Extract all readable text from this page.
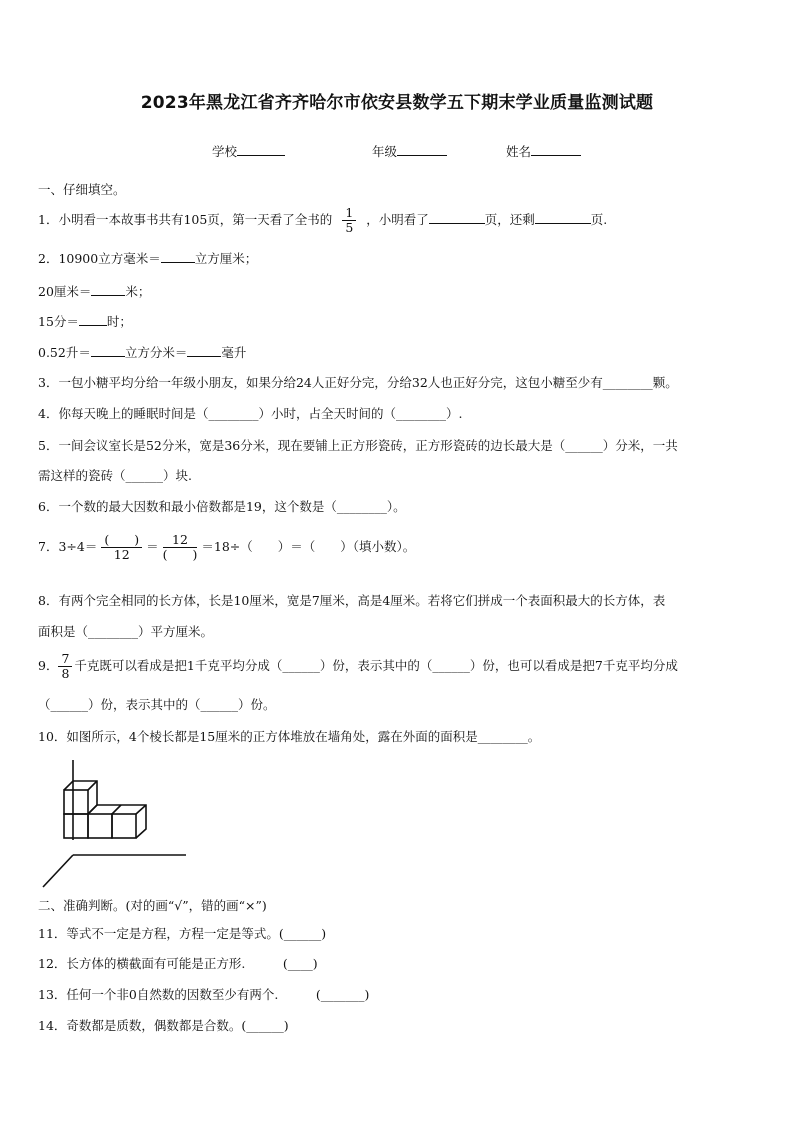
2023年黑龙江省齐齐哈尔市依安县数学五下期末学业质量监测试题
学校	年级	姓名
一、仔细填空。
1．小明看一本故事书共有105页，第一天看了全书的 $\frac{1}{5}$ ，小明看了	页，还剩	页.
2．10900立方毫米＝	立方厘米；
20厘米＝	米；
15分＝ 时；
0.52升＝	立方分米＝	毫升
3．一包小糖平均分给一年级小朋友，如果分给24人正好分完，分给32人也正好分完，这包小糖至少有________颗。
4．你每天晚上的睡眠时间是（________）小时，占全天时间的（________）.
5．一间会议室长是52分米，宽是36分米，现在要铺上正方形瓷砖，正方形瓷砖的边长最大是（______）分米，一共
需这样的瓷砖（______）块.
6．一个数的最大因数和最小倍数都是19，这个数是（________）。
7．$3\div 4= \frac{( )}{12} = \frac{12}{( )} =18\div$（　　）＝（　　）（填小数）。
8．有两个完全相同的长方体，长是10厘米，宽是7厘米，高是4厘米。若将它们拼成一个表面积最大的长方体，表
面积是（________）平方厘米。
9． $\frac{7}{8}$ 千克既可以看成是把1千克平均分成（______）份，表示其中的（______）份，也可以看成是把7千克平均分成
（______）份，表示其中的（______）份。
10．如图所示，4个棱长都是15厘米的正方体堆放在墙角处，露在外面的面积是________。
二、准确判断。(对的画“√”，错的画“×”)
11．等式不一定是方程，方程一定是等式。(______)
12．长方体的横截面有可能是正方形.　　　(____)
13．任何一个非0自然数的因数至少有两个.　　　(_______)
14．奇数都是质数，偶数都是合数。(______)
